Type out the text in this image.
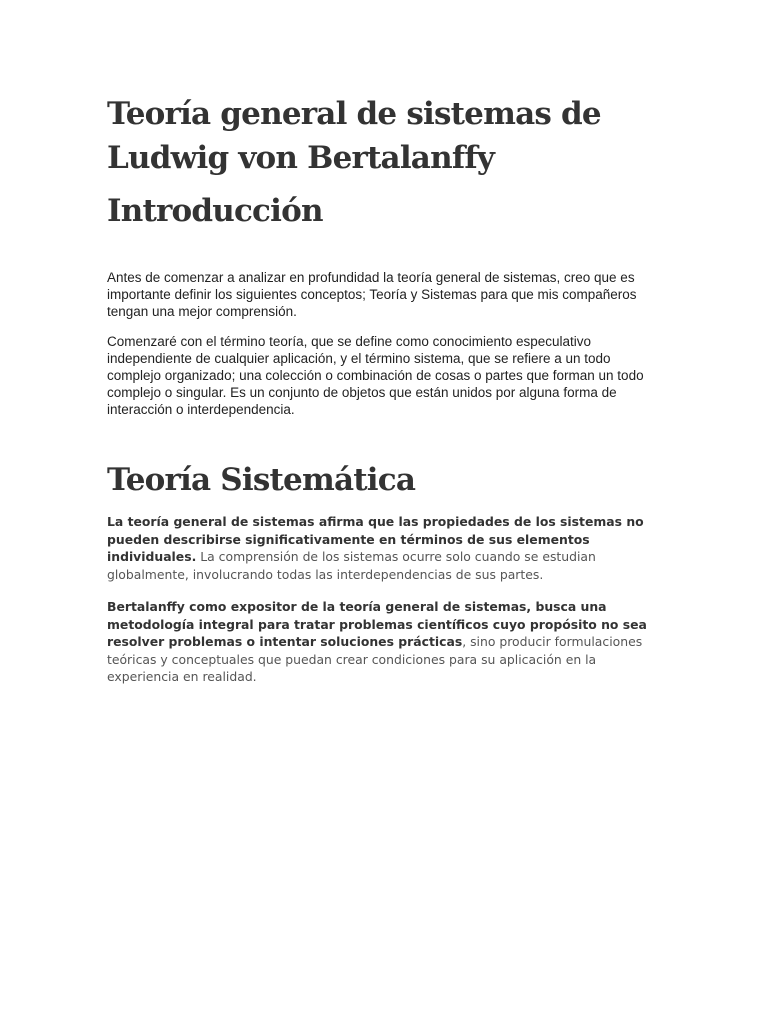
Teoría general de sistemas de Ludwig von Bertalanffy
Introducción

Antes de comenzar a analizar en profundidad la teoría general de sistemas, creo que es importante definir los siguientes conceptos; Teoría y Sistemas para que mis compañeros tengan una mejor comprensión.

Comenzaré con el término teoría, que se define como conocimiento especulativo independiente de cualquier aplicación, y el término sistema, que se refiere a un todo complejo organizado; una colección o combinación de cosas o partes que forman un todo complejo o singular. Es un conjunto de objetos que están unidos por alguna forma de interacción o interdependencia.

Teoría Sistemática

La teoría general de sistemas afirma que las propiedades de los sistemas no pueden describirse significativamente en términos de sus elementos individuales. La comprensión de los sistemas ocurre solo cuando se estudian globalmente, involucrando todas las interdependencias de sus partes.

Bertalanffy como expositor de la teoría general de sistemas, busca una metodología integral para tratar problemas científicos cuyo propósito no sea resolver problemas o intentar soluciones prácticas, sino producir formulaciones teóricas y conceptuales que puedan crear condiciones para su aplicación en la experiencia en realidad.
